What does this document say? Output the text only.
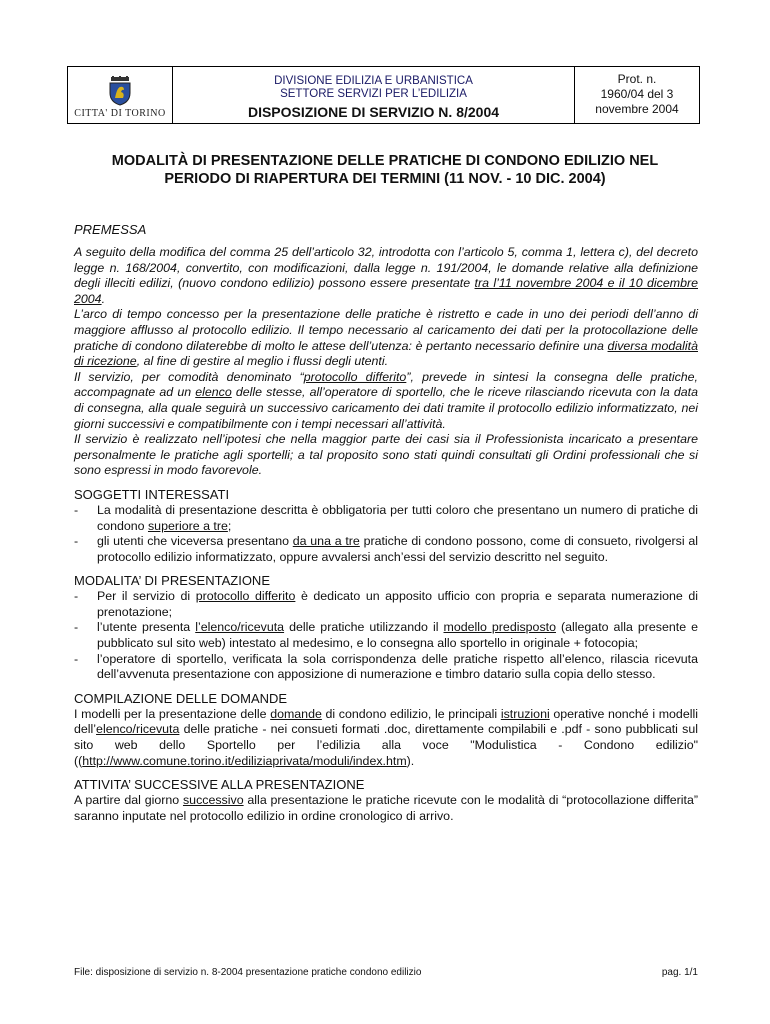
CITTA' DI TORINO
DIVISIONE EDILIZIA E URBANISTICA
SETTORE SERVIZI PER L’EDILIZIA
DISPOSIZIONE DI SERVIZIO N. 8/2004
Prot. n.
1960/04 del 3
novembre 2004
MODALITÀ DI PRESENTAZIONE DELLE PRATICHE DI CONDONO EDILIZIO NEL
PERIODO DI RIAPERTURA DEI TERMINI (11 NOV. - 10 DIC. 2004)
PREMESSA

A seguito della modifica del comma 25 dell’articolo 32, introdotta con l’articolo 5, comma 1, lettera c), del decreto legge n. 168/2004, convertito, con modificazioni, dalla legge n. 191/2004, le domande relative alla definizione degli illeciti edilizi, (nuovo condono edilizio) possono essere presentate tra l’11 novembre 2004 e il 10 dicembre 2004.

L’arco di tempo concesso per la presentazione delle pratiche è ristretto e cade in uno dei periodi dell’anno di maggiore afflusso al protocollo edilizio. Il tempo necessario al caricamento dei dati per la protocollazione delle pratiche di condono dilaterebbe di molto le attese dell’utenza: è pertanto necessario definire una diversa modalità di ricezione, al fine di gestire al meglio i flussi degli utenti.

Il servizio, per comodità denominato “protocollo differito”, prevede in sintesi la consegna delle pratiche, accompagnate ad un elenco delle stesse, all’operatore di sportello, che le riceve rilasciando ricevuta con la data di consegna, alla quale seguirà un successivo caricamento dei dati tramite il protocollo edilizio informatizzato, nei giorni successivi e compatibilmente con i tempi necessari all’attività.

Il servizio è realizzato nell’ipotesi che nella maggior parte dei casi sia il Professionista incaricato a presentare personalmente le pratiche agli sportelli; a tal proposito sono stati quindi consultati gli Ordini professionali che si sono espressi in modo favorevole.

SOGGETTI INTERESSATI
- La modalità di presentazione descritta è obbligatoria per tutti coloro che presentano un numero di pratiche di condono superiore a tre;
- gli utenti che viceversa presentano da una a tre pratiche di condono possono, come di consueto, rivolgersi al protocollo edilizio informatizzato, oppure avvalersi anch’essi del servizio descritto nel seguito.
MODALITA’ DI PRESENTAZIONE
- Per il servizio di protocollo differito è dedicato un apposito ufficio con propria e separata numerazione di prenotazione;
- l’utente presenta l’elenco/ricevuta delle pratiche utilizzando il modello predisposto (allegato alla presente e pubblicato sul sito web) intestato al medesimo, e lo consegna allo sportello in originale + fotocopia;
- l’operatore di sportello, verificata la sola corrispondenza delle pratiche rispetto all’elenco, rilascia ricevuta dell’avvenuta presentazione con apposizione di numerazione e timbro datario sulla copia dello stesso.
COMPILAZIONE DELLE DOMANDE

I modelli per la presentazione delle domande di condono edilizio, le principali istruzioni operative nonché i modelli dell’elenco/ricevuta delle pratiche - nei consueti formati .doc, direttamente compilabili e .pdf - sono pubblicati sul sito web dello Sportello per l’edilizia alla voce "Modulistica - Condono edilizio" ((http://www.comune.torino.it/ediliziaprivata/moduli/index.htm).

ATTIVITA’ SUCCESSIVE ALLA PRESENTAZIONE

A partire dal giorno successivo alla presentazione le pratiche ricevute con le modalità di “protocollazione differita” saranno inputate nel protocollo edilizio in ordine cronologico di arrivo.

File: disposizione di servizio n. 8-2004 presentazione pratiche condono edilizio	pag. 1/1
